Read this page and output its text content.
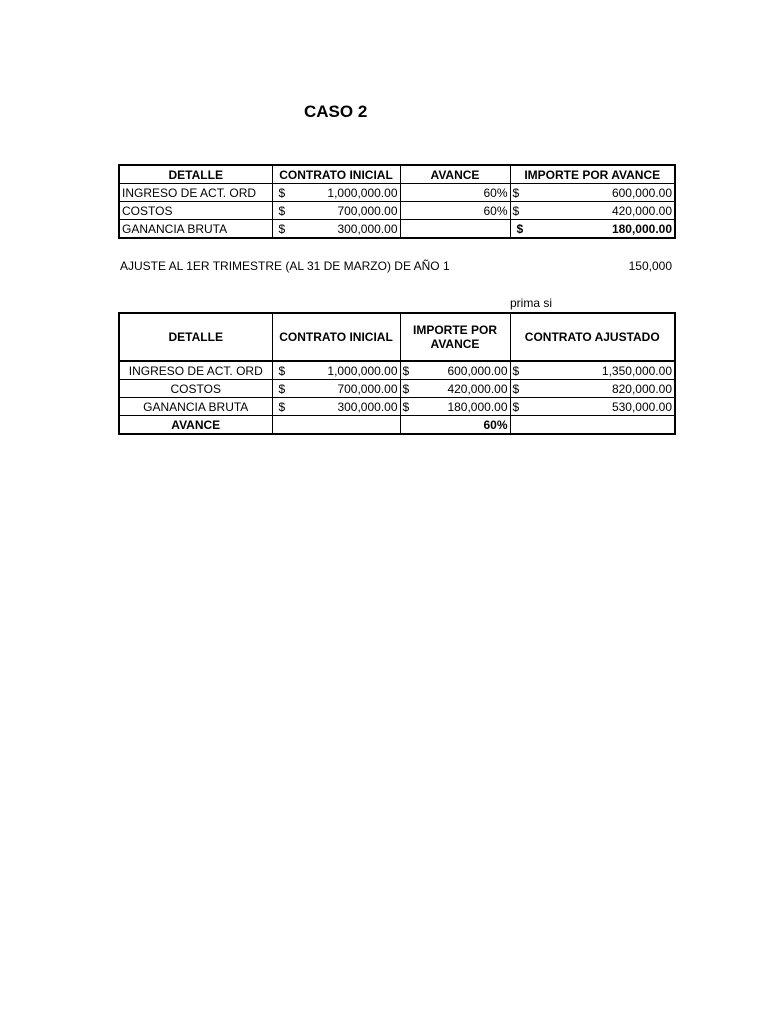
CASO 2
DETALLE	CONTRATO INICIAL	AVANCE	IMPORTE POR AVANCE
INGRESO DE ACT. ORD	$ 1,000,000.00	60%	$ 600,000.00

COSTOS	$ 700,000.00	60%	$ 420,000.00

GANANCIA BRUTA	$ 300,000.00		$ 180,000.00
AJUSTE AL 1ER TRIMESTRE (AL 31 DE MARZO) DE AÑO 1	150,000
prima si
DETALLE	CONTRATO INICIAL	IMPORTE POR AVANCE	CONTRATO AJUSTADO
INGRESO DE ACT. ORD	$ 1,000,000.00	$ 600,000.00	$ 1,350,000.00

COSTOS	$ 700,000.00	$ 420,000.00	$ 820,000.00

GANANCIA BRUTA	$ 300,000.00	$ 180,000.00	$ 530,000.00

AVANCE		60%	
